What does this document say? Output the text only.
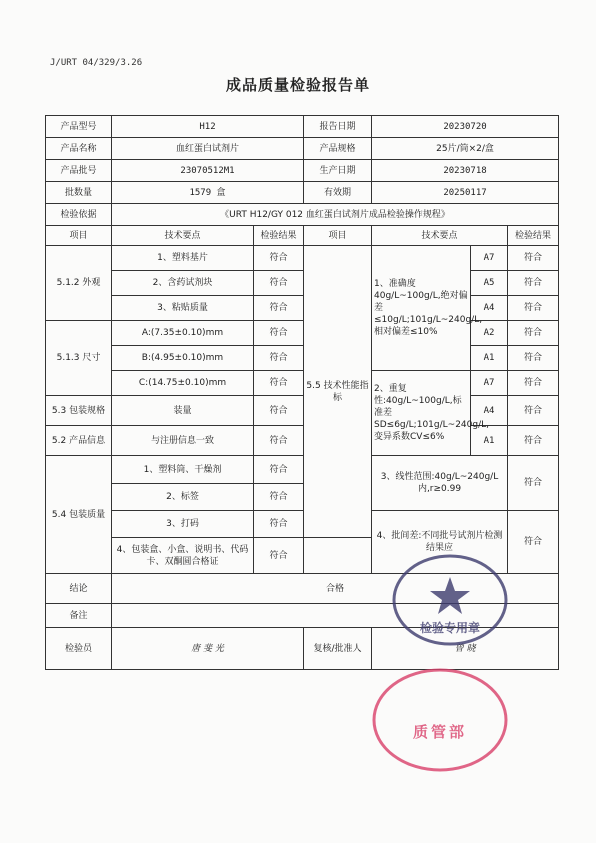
J/URT 04/329/3.26
成品质量检验报告单
产品型号	H12		报告日期	20230720		
产品名称	血红蛋白试剂片		产品规格	25片/筒×2/盒		
产品批号	23070512M1		生产日期	20230718		
批数量	1579 盒		有效期	20250117		
检验依据	《URT H12/GY 012 血红蛋白试剂片成品检验操作规程》					
项目	技术要点	检验结果	项目	技术要点		检验结果
5.1.2 外观	1、塑料基片	符合	5.5 技术性能指标	1、准确度 40g/L~100g/L,绝对偏差≤10g/L;101g/L~240g/L,相对偏差≤10%	A7	符合
	2、含药试剂块	符合			A5	符合
	3、粘贴质量	符合			A4	符合
5.1.3 尺寸	A:(7.35±0.10)mm	符合			A2	符合
	B:(4.95±0.10)mm	符合			A1	符合
	C:(14.75±0.10)mm	符合		2、重复性:40g/L~100g/L,标准差SD≤6g/L;101g/L~240g/L,变异系数CV≤6%	A7	符合
5.3 包装规格	装量	符合			A4	符合
5.2 产品信息	与注册信息一致	符合			A1	符合
5.4 包装质量	1、塑料筒、干燥剂	符合		3、线性范围:40g/L~240g/L内,r≥0.99		符合
	2、标签	符合				
	3、打码	符合		4、批间差:不同批号试剂片检测结果应		符合
	4、包装盒、小盒、说明书、代码卡、双酮圆合格证	符合				
结论	合格					
备注						
检验员	唐 斐 光		复核/批准人	曾 晓		
检验专用章
质管部
